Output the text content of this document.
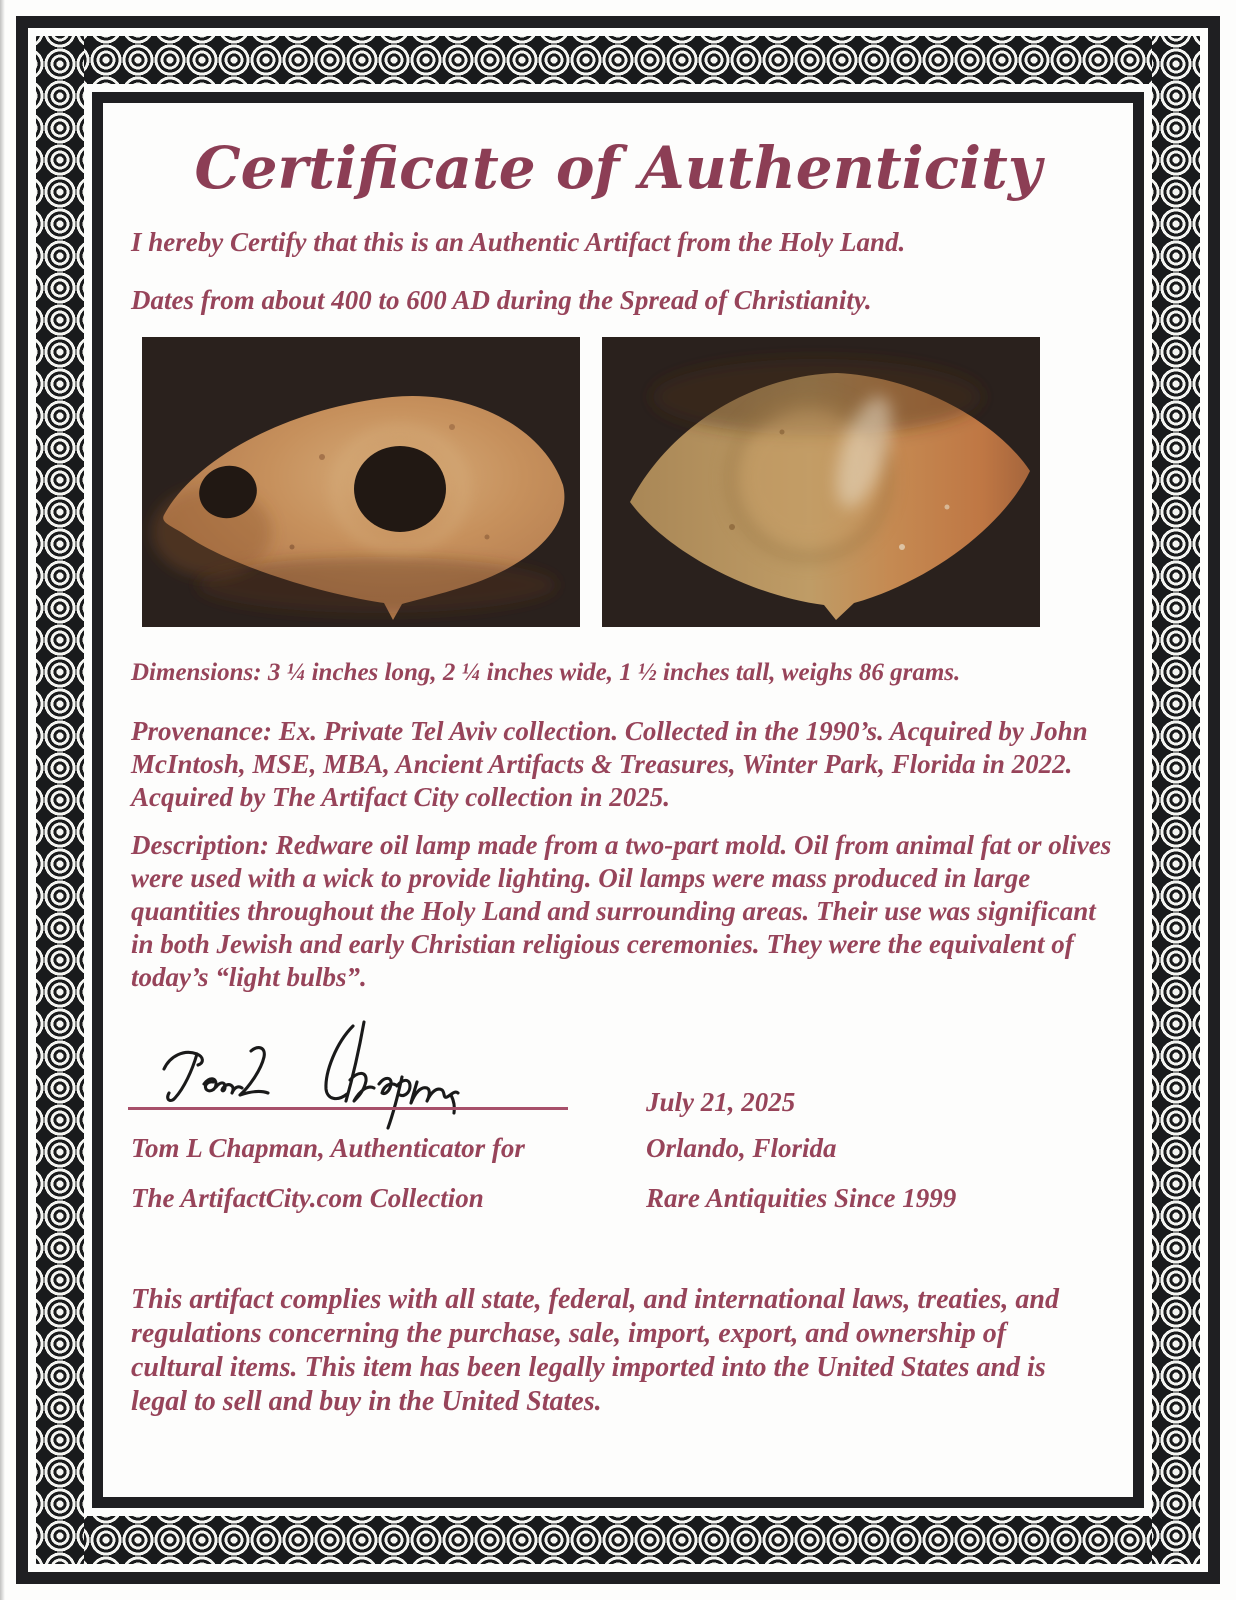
Certificate of Authenticity
I hereby Certify that this is an Authentic Artifact from the Holy Land.
Dates from about 400 to 600 AD during the Spread of Christianity.
Dimensions: 3 ¼ inches long, 2 ¼ inches wide, 1 ½ inches tall, weighs 86 grams.
Provenance: Ex. Private Tel Aviv collection. Collected in the 1990’s. Acquired by John McIntosh, MSE, MBA, Ancient Artifacts & Treasures, Winter Park, Florida in 2022. Acquired by The Artifact City collection in 2025.
Description: Redware oil lamp made from a two-part mold. Oil from animal fat or olives were used with a wick to provide lighting. Oil lamps were mass produced in large quantities throughout the Holy Land and surrounding areas. Their use was significant in both Jewish and early Christian religious ceremonies. They were the equivalent of today’s “light bulbs”.
Tom L Chapman, Authenticator for
The ArtifactCity.com Collection
July 21, 2025
Orlando, Florida
Rare Antiquities Since 1999
This artifact complies with all state, federal, and international laws, treaties, and regulations concerning the purchase, sale, import, export, and ownership of cultural items. This item has been legally imported into the United States and is legal to sell and buy in the United States.
